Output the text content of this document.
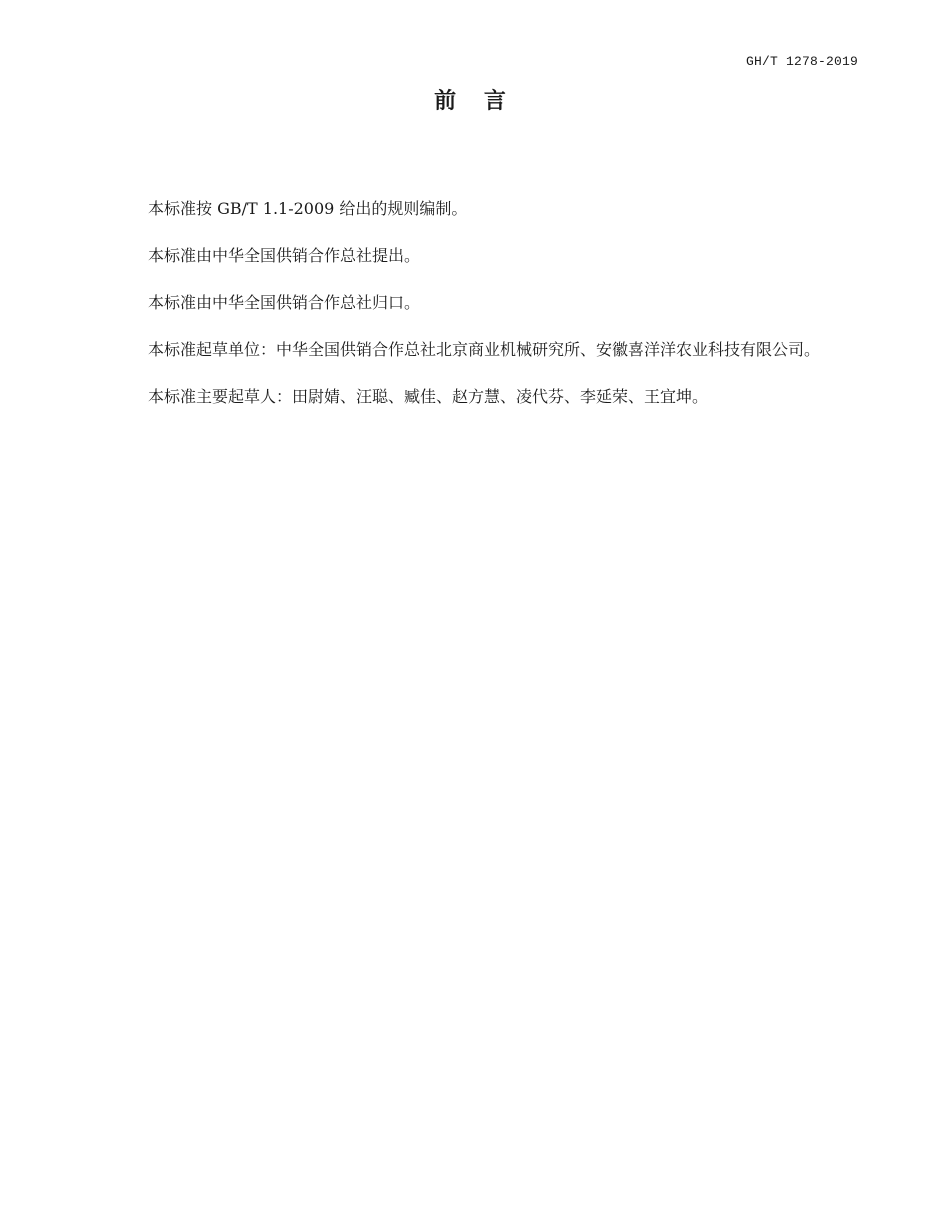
GH/T 1278-2019
前 言

本标准按 GB/T 1.1-2009 给出的规则编制。

本标准由中华全国供销合作总社提出。

本标准由中华全国供销合作总社归口。

本标准起草单位：中华全国供销合作总社北京商业机械研究所、安徽喜洋洋农业科技有限公司。

本标准主要起草人：田尉婧、汪聪、臧佳、赵方慧、凌代芬、李延荣、王宜坤。
